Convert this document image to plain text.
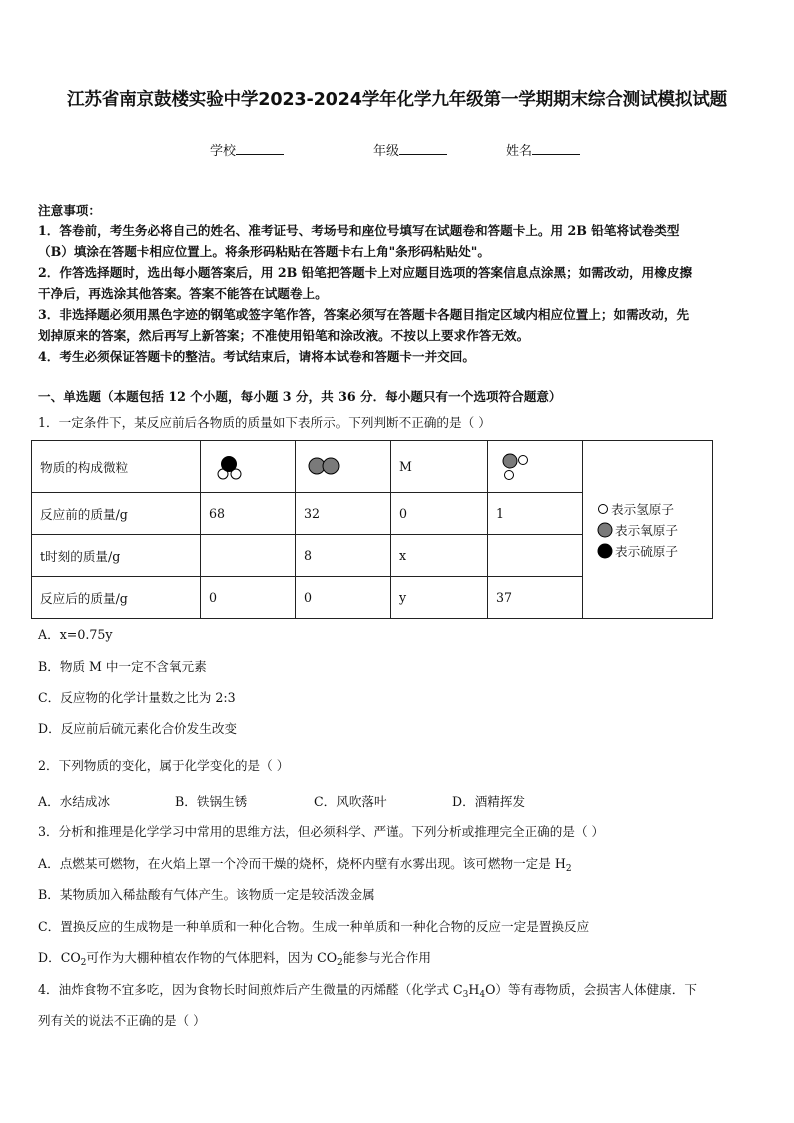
江苏省南京鼓楼实验中学2023-2024学年化学九年级第一学期期末综合测试模拟试题
学校	年级	姓名
注意事项：
1．答卷前，考生务必将自己的姓名、准考证号、考场号和座位号填写在试题卷和答题卡上。用 2B 铅笔将试卷类型
（B）填涂在答题卡相应位置上。将条形码粘贴在答题卡右上角"条形码粘贴处"。
2．作答选择题时，选出每小题答案后，用 2B 铅笔把答题卡上对应题目选项的答案信息点涂黑；如需改动，用橡皮擦
干净后，再选涂其他答案。答案不能答在试题卷上。
3．非选择题必须用黑色字迹的钢笔或签字笔作答，答案必须写在答题卡各题目指定区域内相应位置上；如需改动，先
划掉原来的答案，然后再写上新答案；不准使用铅笔和涂改液。不按以上要求作答无效。
4．考生必须保证答题卡的整洁。考试结束后，请将本试卷和答题卡一并交回。
一、单选题（本题包括 12 个小题，每小题 3 分，共 36 分．每小题只有一个选项符合题意）
1．一定条件下，某反应前后各物质的质量如下表所示。下列判断不正确的是（ ）
物质的构成微粒			M		表示氢原子
表示氧原子
表示硫原子

反应前的质量/g	68	32	0	1	
t时刻的质量/g		8	x		
反应后的质量/g	0	0	y	37	
A．x=0.75y
B．物质 M 中一定不含氧元素
C．反应物的化学计量数之比为 2:3
D．反应前后硫元素化合价发生改变
2．下列物质的变化，属于化学变化的是（ ）
A．水结成冰	B．铁锅生锈	C．风吹落叶	D．酒精挥发
3．分析和推理是化学学习中常用的思维方法，但必须科学、严谨。下列分析或推理完全正确的是（ ）
A．点燃某可燃物，在火焰上罩一个冷而干燥的烧杯，烧杯内壁有水雾出现。该可燃物一定是 $H_2$
B．某物质加入稀盐酸有气体产生。该物质一定是较活泼金属
C．置换反应的生成物是一种单质和一种化合物。生成一种单质和一种化合物的反应一定是置换反应
D．$CO_2$可作为大棚种植农作物的气体肥料，因为 $CO_2$能参与光合作用
4．油炸食物不宜多吃，因为食物长时间煎炸后产生微量的丙烯醛（化学式 $C_3H_4O$）等有毒物质，会损害人体健康．下
列有关的说法不正确的是（ ）
